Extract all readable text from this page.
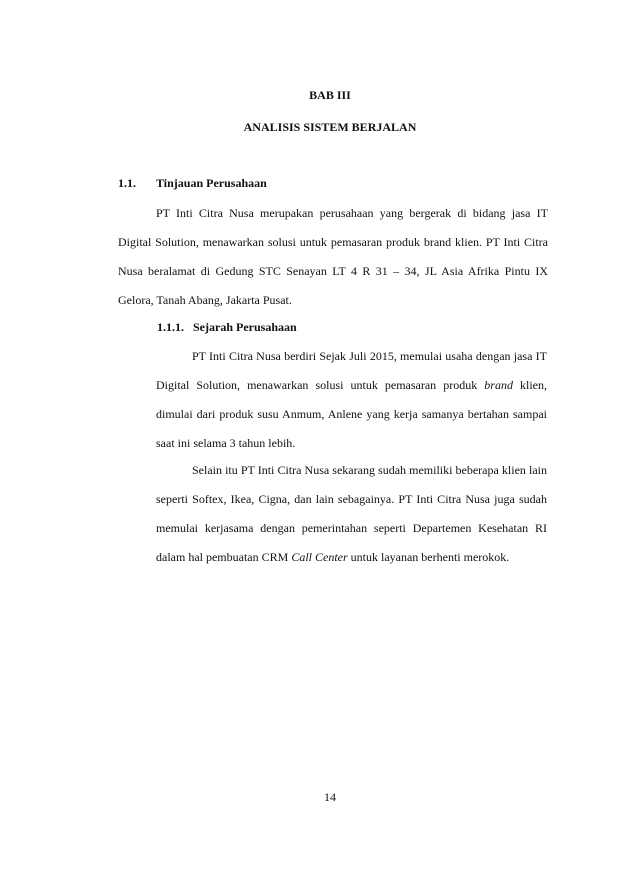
BAB III
ANALISIS SISTEM BERJALAN
1.1. Tinjauan Perusahaan

PT Inti Citra Nusa merupakan perusahaan yang bergerak di bidang jasa IT Digital Solution, menawarkan solusi untuk pemasaran produk brand klien. PT Inti Citra Nusa beralamat di Gedung STC Senayan LT 4 R 31 – 34, JL Asia Afrika Pintu IX Gelora, Tanah Abang, Jakarta Pusat.

1.1.1. Sejarah Perusahaan

PT Inti Citra Nusa berdiri Sejak Juli 2015, memulai usaha dengan jasa IT Digital Solution, menawarkan solusi untuk pemasaran produk brand klien, dimulai dari produk susu Anmum, Anlene yang kerja samanya bertahan sampai saat ini selama 3 tahun lebih.

Selain itu PT Inti Citra Nusa sekarang sudah memiliki beberapa klien lain seperti Softex, Ikea, Cigna, dan lain sebagainya. PT Inti Citra Nusa juga sudah memulai kerjasama dengan pemerintahan seperti Departemen Kesehatan RI dalam hal pembuatan CRM Call Center untuk layanan berhenti merokok.

14
